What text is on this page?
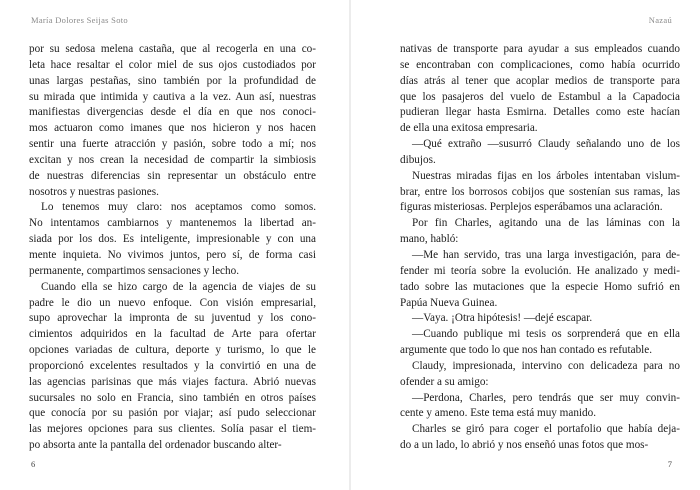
María Dolores Seijas Soto

por su sedosa melena castaña, que al recogerla en una co-

leta hace resaltar el color miel de sus ojos custodiados por

unas largas pestañas, sino también por la profundidad de

su mirada que intimida y cautiva a la vez. Aun así, nuestras

manifiestas divergencias desde el día en que nos conoci-

mos actuaron como imanes que nos hicieron y nos hacen

sentir una fuerte atracción y pasión, sobre todo a mí; nos

excitan y nos crean la necesidad de compartir la simbiosis

de nuestras diferencias sin representar un obstáculo entre

nosotros y nuestras pasiones.

Lo tenemos muy claro: nos aceptamos como somos.

No intentamos cambiarnos y mantenemos la libertad an-

siada por los dos. Es inteligente, impresionable y con una

mente inquieta. No vivimos juntos, pero sí, de forma casi

permanente, compartimos sensaciones y lecho.

Cuando ella se hizo cargo de la agencia de viajes de su

padre le dio un nuevo enfoque. Con visión empresarial,

supo aprovechar la impronta de su juventud y los cono-

cimientos adquiridos en la facultad de Arte para ofertar

opciones variadas de cultura, deporte y turismo, lo que le

proporcionó excelentes resultados y la convirtió en una de

las agencias parisinas que más viajes factura. Abrió nuevas

sucursales no solo en Francia, sino también en otros países

que conocía por su pasión por viajar; así pudo seleccionar

las mejores opciones para sus clientes. Solía pasar el tiem-

po absorta ante la pantalla del ordenador buscando alter-

6
Nazaú

nativas de transporte para ayudar a sus empleados cuando

se encontraban con complicaciones, como había ocurrido

días atrás al tener que acoplar medios de transporte para

que los pasajeros del vuelo de Estambul a la Capadocia

pudieran llegar hasta Esmirna. Detalles como este hacían

de ella una exitosa empresaria.

—Qué extraño —susurró Claudy señalando uno de los

dibujos.

Nuestras miradas fijas en los árboles intentaban vislum-

brar, entre los borrosos cobijos que sostenían sus ramas, las

figuras misteriosas. Perplejos esperábamos una aclaración.

Por fin Charles, agitando una de las láminas con la

mano, habló:

—Me han servido, tras una larga investigación, para de-

fender mi teoría sobre la evolución. He analizado y medi-

tado sobre las mutaciones que la especie Homo sufrió en

Papúa Nueva Guinea.

—Vaya. ¡Otra hipótesis! —dejé escapar.

—Cuando publique mi tesis os sorprenderá que en ella

argumente que todo lo que nos han contado es refutable.

Claudy, impresionada, intervino con delicadeza para no

ofender a su amigo:

—Perdona, Charles, pero tendrás que ser muy convin-

cente y ameno. Este tema está muy manido.

Charles se giró para coger el portafolio que había deja-

do a un lado, lo abrió y nos enseñó unas fotos que mos-

7
